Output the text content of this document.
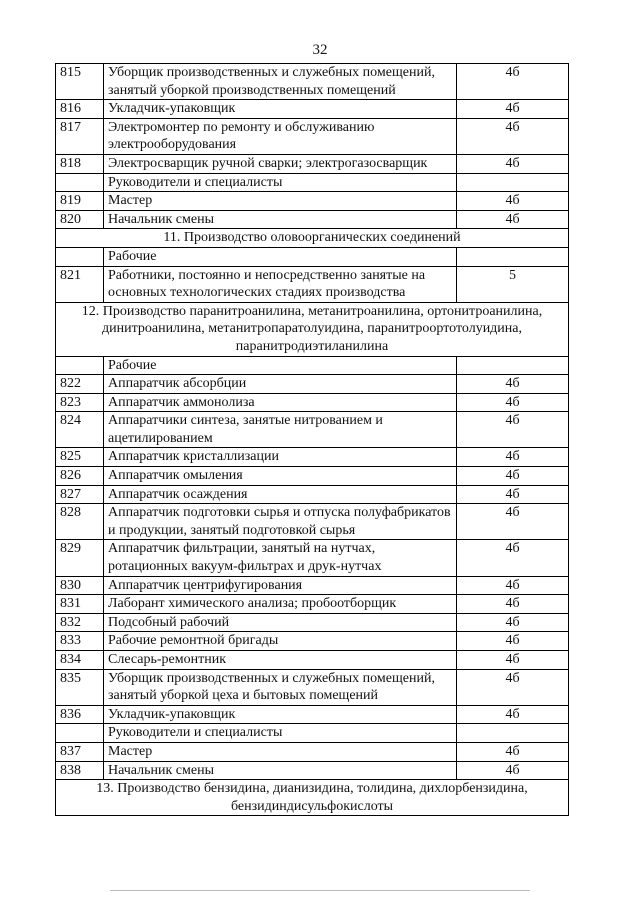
32
815	Уборщик производственных и служебных помещений, занятый уборкой производственных помещений	4б
816	Укладчик-упаковщик	4б
817	Электромонтер по ремонту и обслуживанию электрооборудования	4б
818	Электросварщик ручной сварки; электрогазосварщик	4б
	Руководители и специалисты	
819	Мастер	4б
820	Начальник смены	4б
11. Производство оловоорганических соединений		
	Рабочие	
821	Работники, постоянно и непосредственно занятые на основных технологических стадиях производства	5
12. Производство паранитроанилина, метанитроанилина, ортонитроанилина, динитроанилина, метанитропаратолуидина, паранитроортотолуидина, паранитродиэтиланилина		
	Рабочие	
822	Аппаратчик абсорбции	4б
823	Аппаратчик аммонолиза	4б
824	Аппаратчики синтеза, занятые нитрованием и ацетилированием	4б
825	Аппаратчик кристаллизации	4б
826	Аппаратчик омыления	4б
827	Аппаратчик осаждения	4б
828	Аппаратчик подготовки сырья и отпуска полуфабрикатов и продукции, занятый подготовкой сырья	4б
829	Аппаратчик фильтрации, занятый на нутчах, ротационных вакуум-фильтрах и друк-нутчах	4б
830	Аппаратчик центрифугирования	4б
831	Лаборант химического анализа; пробоотборщик	4б
832	Подсобный рабочий	4б
833	Рабочие ремонтной бригады	4б
834	Слесарь-ремонтник	4б
835	Уборщик производственных и служебных помещений, занятый уборкой цеха и бытовых помещений	4б
836	Укладчик-упаковщик	4б
	Руководители и специалисты	
837	Мастер	4б
838	Начальник смены	4б
13. Производство бензидина, дианизидина, толидина, дихлорбензидина, бензидиндисульфокислоты		
